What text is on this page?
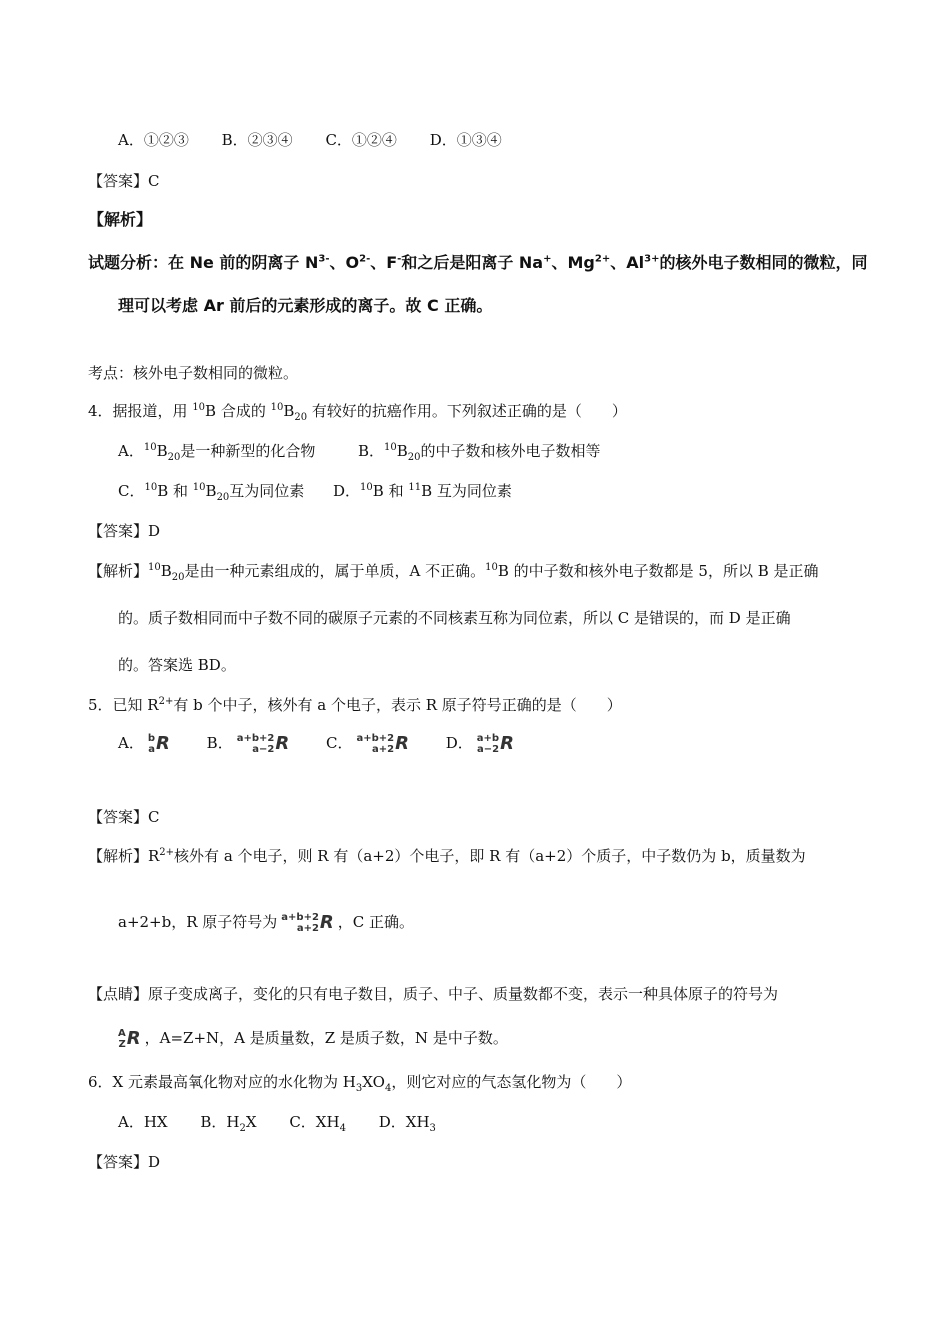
A．①②③ B．②③④ C．①②④ D．①③④
【答案】C
【解析】
试题分析：在 Ne 前的阴离子 $N^{3-}$、$O^{2-}$、F-和之后是阳离子 Na+、$Mg^{2+}$、$Al^{3+}$的核外电子数相同的微粒，同
理可以考虑 Ar 前后的元素形成的离子。故 C 正确。
考点：核外电子数相同的微粒。
4．据报道，用 $^{10}$B 合成的 $^{10}B_{20}$ 有较好的抗癌作用。下列叙述正确的是（　　）
A．$^{10}B_{20}$是一种新型的化合物	B．$^{10}B_{20}$的中子数和核外电子数相等
C．$^{10}$B 和 $^{10}B_{20}$互为同位素 D．$^{10}$B 和 $^{11}$B 互为同位素
【答案】D
【解析】$^{10}B_{20}$是由一种元素组成的，属于单质，A 不正确。$^{10}$B 的中子数和核外电子数都是 5，所以 B 是正确
的。质子数相同而中子数不同的碳原子元素的不同核素互称为同位素，所以 C 是错误的，而 D 是正确
的。答案选 BD。
5．已知 $R^{2+}$有 b 个中子，核外有 a 个电子，表示 R 原子符号正确的是（　　）
A． b
a R B． a+b+2
a−2 R C． a+b+2
a+2 R D． a+b
a−2 R
【答案】C
【解析】$R^{2+}$核外有 a 个电子，则 R 有（a+2）个电子，即 R 有（a+2）个质子，中子数仍为 b，质量数为
a+2+b，R 原子符号为 a+b+2
a+2 R ，C 正确。
【点睛】原子变成离子，变化的只有电子数目，质子、中子、质量数都不变，表示一种具体原子的符号为
A
Z R ，A=Z+N，A 是质量数，Z 是质子数，N 是中子数。
6．X 元素最高氧化物对应的水化物为 $H_3XO_4$，则它对应的气态氢化物为（　　）
A．HX B．$H_2X$ C．$XH_4$ D．$XH_3$
【答案】D
